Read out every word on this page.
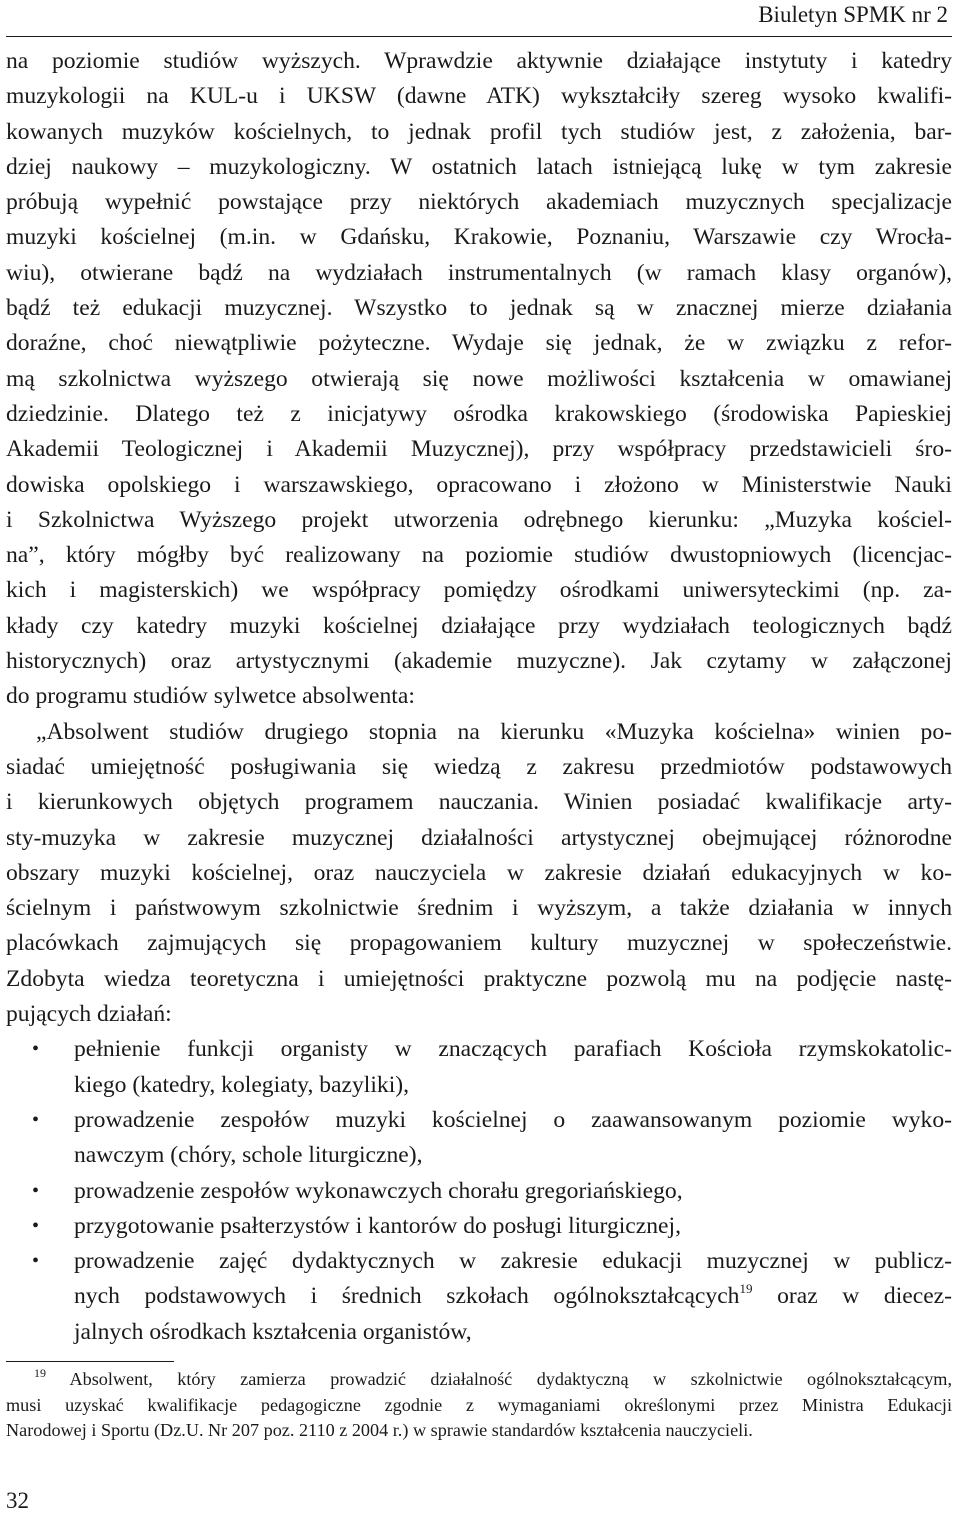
Biuletyn SPMK nr 2
na poziomie studiów wyższych. Wprawdzie aktywnie działające instytuty i katedry
muzykologii na KUL-u i UKSW (dawne ATK) wykształciły szereg wysoko kwalifi-
kowanych muzyków kościelnych, to jednak profil tych studiów jest, z założenia, bar-
dziej naukowy – muzykologiczny. W ostatnich latach istniejącą lukę w tym zakresie
próbują wypełnić powstające przy niektórych akademiach muzycznych specjalizacje
muzyki kościelnej (m.in. w Gdańsku, Krakowie, Poznaniu, Warszawie czy Wrocła-
wiu), otwierane bądź na wydziałach instrumentalnych (w ramach klasy organów),
bądź też edukacji muzycznej. Wszystko to jednak są w znacznej mierze działania
doraźne, choć niewątpliwie pożyteczne. Wydaje się jednak, że w związku z refor-
mą szkolnictwa wyższego otwierają się nowe możliwości kształcenia w omawianej
dziedzinie. Dlatego też z inicjatywy ośrodka krakowskiego (środowiska Papieskiej
Akademii Teologicznej i Akademii Muzycznej), przy współpracy przedstawicieli śro-
dowiska opolskiego i warszawskiego, opracowano i złożono w Ministerstwie Nauki
i Szkolnictwa Wyższego projekt utworzenia odrębnego kierunku: „Muzyka kościel-
na”, który mógłby być realizowany na poziomie studiów dwustopniowych (licencjac-
kich i magisterskich) we współpracy pomiędzy ośrodkami uniwersyteckimi (np. za-
kłady czy katedry muzyki kościelnej działające przy wydziałach teologicznych bądź
historycznych) oraz artystycznymi (akademie muzyczne). Jak czytamy w załączonej
do programu studiów sylwetce absolwenta:
„Absolwent studiów drugiego stopnia na kierunku «Muzyka kościelna» winien po-
siadać umiejętność posługiwania się wiedzą z zakresu przedmiotów podstawowych
i kierunkowych objętych programem nauczania. Winien posiadać kwalifikacje arty-
sty-muzyka w zakresie muzycznej działalności artystycznej obejmującej różnorodne
obszary muzyki kościelnej, oraz nauczyciela w zakresie działań edukacyjnych w ko-
ścielnym i państwowym szkolnictwie średnim i wyższym, a także działania w innych
placówkach zajmujących się propagowaniem kultury muzycznej w społeczeństwie.
Zdobyta wiedza teoretyczna i umiejętności praktyczne pozwolą mu na podjęcie nastę-
pujących działań:
• pełnienie funkcji organisty w znaczących parafiach Kościoła rzymskokatolic-
kiego (katedry, kolegiaty, bazyliki),
• prowadzenie zespołów muzyki kościelnej o zaawansowanym poziomie wyko-
nawczym (chóry, schole liturgiczne),
• prowadzenie zespołów wykonawczych chorału gregoriańskiego,
• przygotowanie psałterzystów i kantorów do posługi liturgicznej,
• prowadzenie zajęć dydaktycznych w zakresie edukacji muzycznej w publicz-
nych podstawowych i średnich szkołach ogólnokształcących$^{19}$ oraz w diecez-
jalnych ośrodkach kształcenia organistów,
$^{19}$ Absolwent, który zamierza prowadzić działalność dydaktyczną w szkolnictwie ogólnokształcącym,
musi uzyskać kwalifikacje pedagogiczne zgodnie z wymaganiami określonymi przez Ministra Edukacji
Narodowej i Sportu (Dz.U. Nr 207 poz. 2110 z 2004 r.) w sprawie standardów kształcenia nauczycieli.
32
